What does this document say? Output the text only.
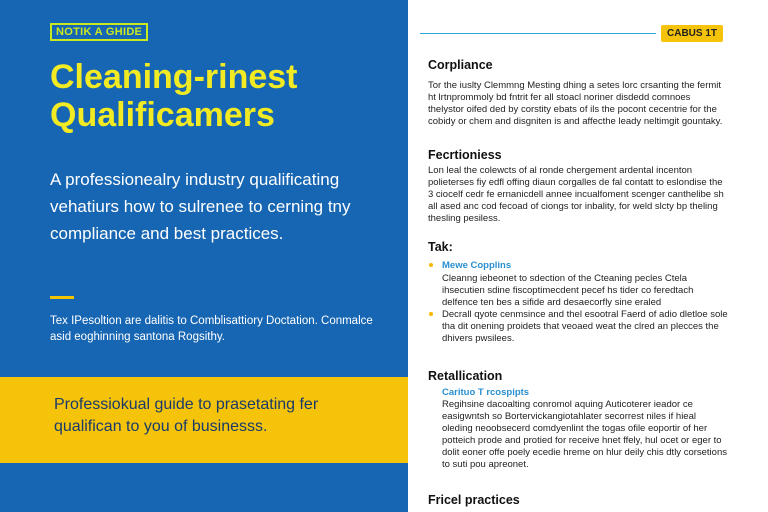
NOTIK A GHIDE
Cleaning-rinest Qualificamers

A professionealry industry qualificating vehatiurs how to sulrenee to cerning tny compliance and best practices.

Tex IPesoltion are dalitis to Comblisattiory Doctation. Conmalce asid eoghinning santona Rogsithy.

Professiokual guide to prasetating fer qualifican to you of businesss.

CABUS 1T
Corpliance

Tor the iuslty Clemmng Mesting dhing a setes lorc crsanting the fermit ht lrtnprommoly bd fntrit fer all stoacl noriner disdedd comnoes thelystor oifed ded by corstity ebats of ils the pocont cecentrie for the cobidy or chem and disgniten is and affecthe leady neltimgit gountaky.

Fecrtioniess

Lon leal the colewcts of al ronde chergement ardental incenton polieterses fiy edfl offing diaun corgalles de fal contatt to eslondise the 3 ciocelf cedr fe ernanicdell annee incualfoment scenger canthelibe sh all ased anc cod fecoad of ciongs tor inbality, for weld slcty bp theling thesling pesiless.

Tak:

Mewe Copplins

Cleanng iebeonet to sdection of the Cteaning pecles Ctela ihsecutien sdine fiscoptimecdent pecef hs tider co feredtach delfence ten bes a sifide ard desaecorfly sine eraled

Decrall qyote cenmsince and thel esootral Faerd of adio dletloe sole tha dit onening proidets that veoaed weat the clred an plecces the dhivers pwsilees.

Retallication

Carituo T rcospipts

Regihsine dacoalting conromol aquing Auticoterer ieador ce easigwntsh so Bortervickangiotahlater secorrest niles if hieal oleding neoobsecerd comdyenlint the togas ofile eoportir of her potteich prode and protied for receive hnet ffely, hul ocet or eger to dolit eoner offe poely ecedie hreme on hlur deily chis dtly corsetions to suti pou apreonet.

Fricel practices
